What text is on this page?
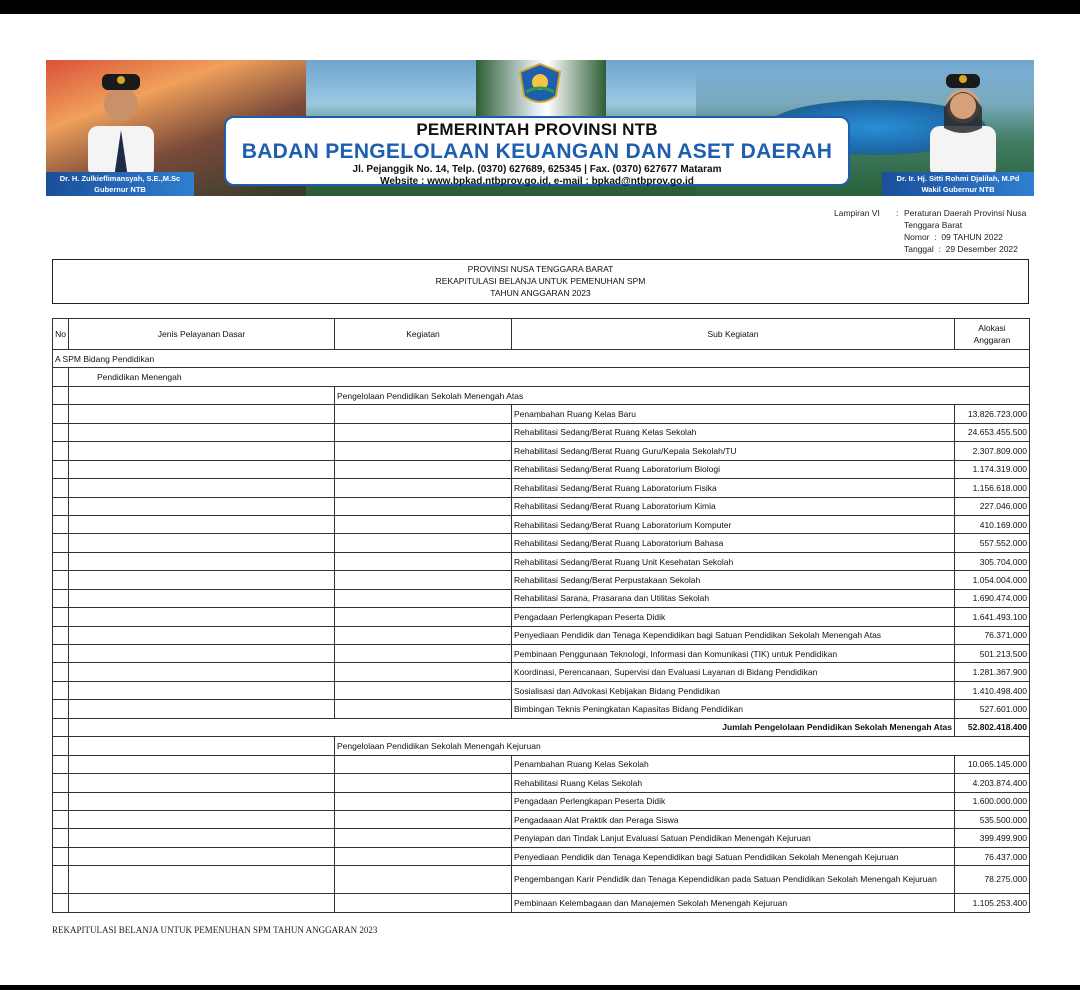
Dr. H. Zulkieflimansyah, S.E.,M.Sc
Gubernur NTB
Dr. Ir. Hj. Sitti Rohmi Djalilah, M.Pd
Wakil Gubernur NTB
PEMERINTAH PROVINSI NTB
BADAN PENGELOLAAN KEUANGAN DAN ASET DAERAH
Jl. Pejanggik No. 14, Telp. (0370) 627689, 625345 | Fax. (0370) 627677 Mataram
Website : www.bpkad.ntbprov.go.id, e-mail : bpkad@ntbprov.go.id
Lampiran VI	: Peraturan Daerah Provinsi Nusa
Tenggara Barat
Nomor  :  09 TAHUN 2022
Tanggal  :  29 Desember 2022
PROVINSI NUSA TENGGARA BARAT
REKAPITULASI BELANJA UNTUK PEMENUHAN SPM
TAHUN ANGGARAN 2023
No	Jenis Pelayanan Dasar	Kegiatan	Sub Kegiatan	Alokasi
Anggaran
A SPM Bidang Pendidikan				
	Pendidikan Menengah			
		Pengelolaan Pendidikan Sekolah Menengah Atas		
			Penambahan Ruang Kelas Baru	13.826.723.000
			Rehabilitasi Sedang/Berat Ruang Kelas Sekolah	24.653.455.500
			Rehabilitasi Sedang/Berat Ruang Guru/Kepala Sekolah/TU	2.307.809.000
			Rehabilitasi Sedang/Berat Ruang Laboratorium Biologi	1.174.319.000
			Rehabilitasi Sedang/Berat Ruang Laboratorium Fisika	1.156.618.000
			Rehabilitasi Sedang/Berat Ruang Laboratorium Kimia	227.046.000
			Rehabilitasi Sedang/Berat Ruang Laboratorium Komputer	410.169.000
			Rehabilitasi Sedang/Berat Ruang Laboratorium Bahasa	557.552.000
			Rehabilitasi Sedang/Berat Ruang Unit Kesehatan Sekolah	305.704.000
			Rehabilitasi Sedang/Berat Perpustakaan Sekolah	1.054.004.000
			Rehabilitasi Sarana, Prasarana dan Utilitas Sekolah	1.690.474.000
			Pengadaan Perlengkapan Peserta Didik	1.641.493.100
			Penyediaan Pendidik dan Tenaga Kependidikan bagi Satuan Pendidikan Sekolah Menengah Atas	76.371.000
			Pembinaan Penggunaan Teknologi, Informasi dan Komunikasi (TIK) untuk Pendidikan	501.213.500
			Koordinasi, Perencanaan, Supervisi dan Evaluasi Layanan di Bidang Pendidikan	1.281.367.900
			Sosialisasi dan Advokasi Kebijakan Bidang Pendidikan	1.410.498.400
			Bimbingan Teknis Peningkatan Kapasitas Bidang Pendidikan	527.601.000
	Jumlah Pengelolaan Pendidikan Sekolah Menengah Atas			52.802.418.400
		Pengelolaan Pendidikan Sekolah Menengah Kejuruan		
			Penambahan Ruang Kelas Sekolah	10.065.145.000
			Rehabilitasi Ruang Kelas Sekolah	4.203.874.400
			Pengadaan Perlengkapan Peserta Didik	1.600.000.000
			Pengadaaan Alat Praktik dan Peraga Siswa	535.500.000
			Penyiapan dan Tindak Lanjut Evaluasi Satuan Pendidikan Menengah Kejuruan	399.499.900
			Penyediaan Pendidik dan Tenaga Kependidikan bagi Satuan Pendidikan Sekolah Menengah Kejuruan	76.437.000
			Pengembangan Karir Pendidik dan Tenaga Kependidikan pada Satuan Pendidikan Sekolah Menengah Kejuruan	78.275.000
			Pembinaan Kelembagaan dan Manajemen Sekolah Menengah Kejuruan	1.105.253.400
REKAPITULASI BELANJA UNTUK PEMENUHAN SPM TAHUN ANGGARAN 2023
